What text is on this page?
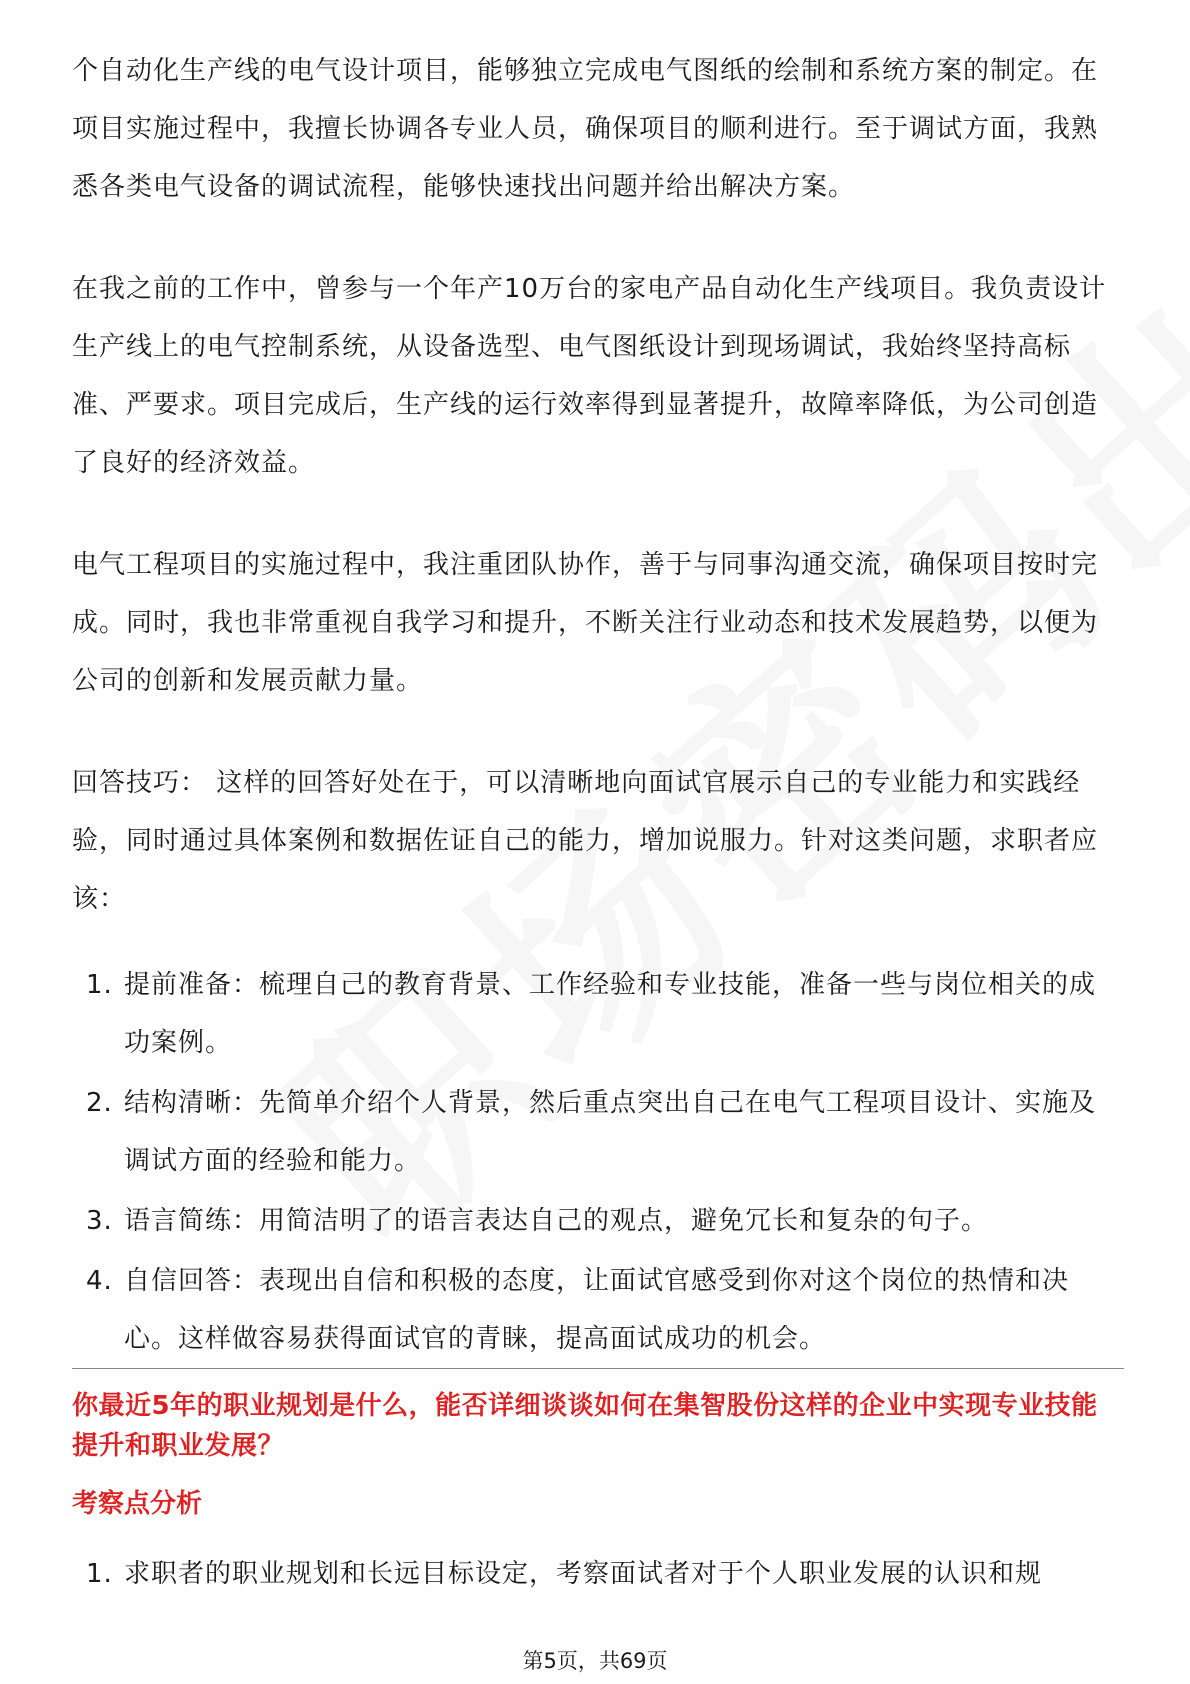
个自动化生产线的电气设计项目，能够独立完成电气图纸的绘制和系统方案的制定。在项目实施过程中，我擅长协调各专业人员，确保项目的顺利进行。至于调试方面，我熟悉各类电气设备的调试流程，能够快速找出问题并给出解决方案。

在我之前的工作中，曾参与一个年产10万台的家电产品自动化生产线项目。我负责设计生产线上的电气控制系统，从设备选型、电气图纸设计到现场调试，我始终坚持高标准、严要求。项目完成后，生产线的运行效率得到显著提升，故障率降低，为公司创造了良好的经济效益。

电气工程项目的实施过程中，我注重团队协作，善于与同事沟通交流，确保项目按时完成。同时，我也非常重视自我学习和提升，不断关注行业动态和技术发展趋势，以便为公司的创新和发展贡献力量。

回答技巧： 这样的回答好处在于，可以清晰地向面试官展示自己的专业能力和实践经验，同时通过具体案例和数据佐证自己的能力，增加说服力。针对这类问题，求职者应该：

1. 提前准备：梳理自己的教育背景、工作经验和专业技能，准备一些与岗位相关的成功案例。
2. 结构清晰：先简单介绍个人背景，然后重点突出自己在电气工程项目设计、实施及调试方面的经验和能力。
3. 语言简练：用简洁明了的语言表达自己的观点，避免冗长和复杂的句子。
4. 自信回答：表现出自信和积极的态度，让面试官感受到你对这个岗位的热情和决心。这样做容易获得面试官的青睐，提高面试成功的机会。

你最近5年的职业规划是什么，能否详细谈谈如何在集智股份这样的企业中实现专业技能提升和职业发展？

考察点分析

1. 求职者的职业规划和长远目标设定，考察面试者对于个人职业发展的认识和规
第5页，共69页
